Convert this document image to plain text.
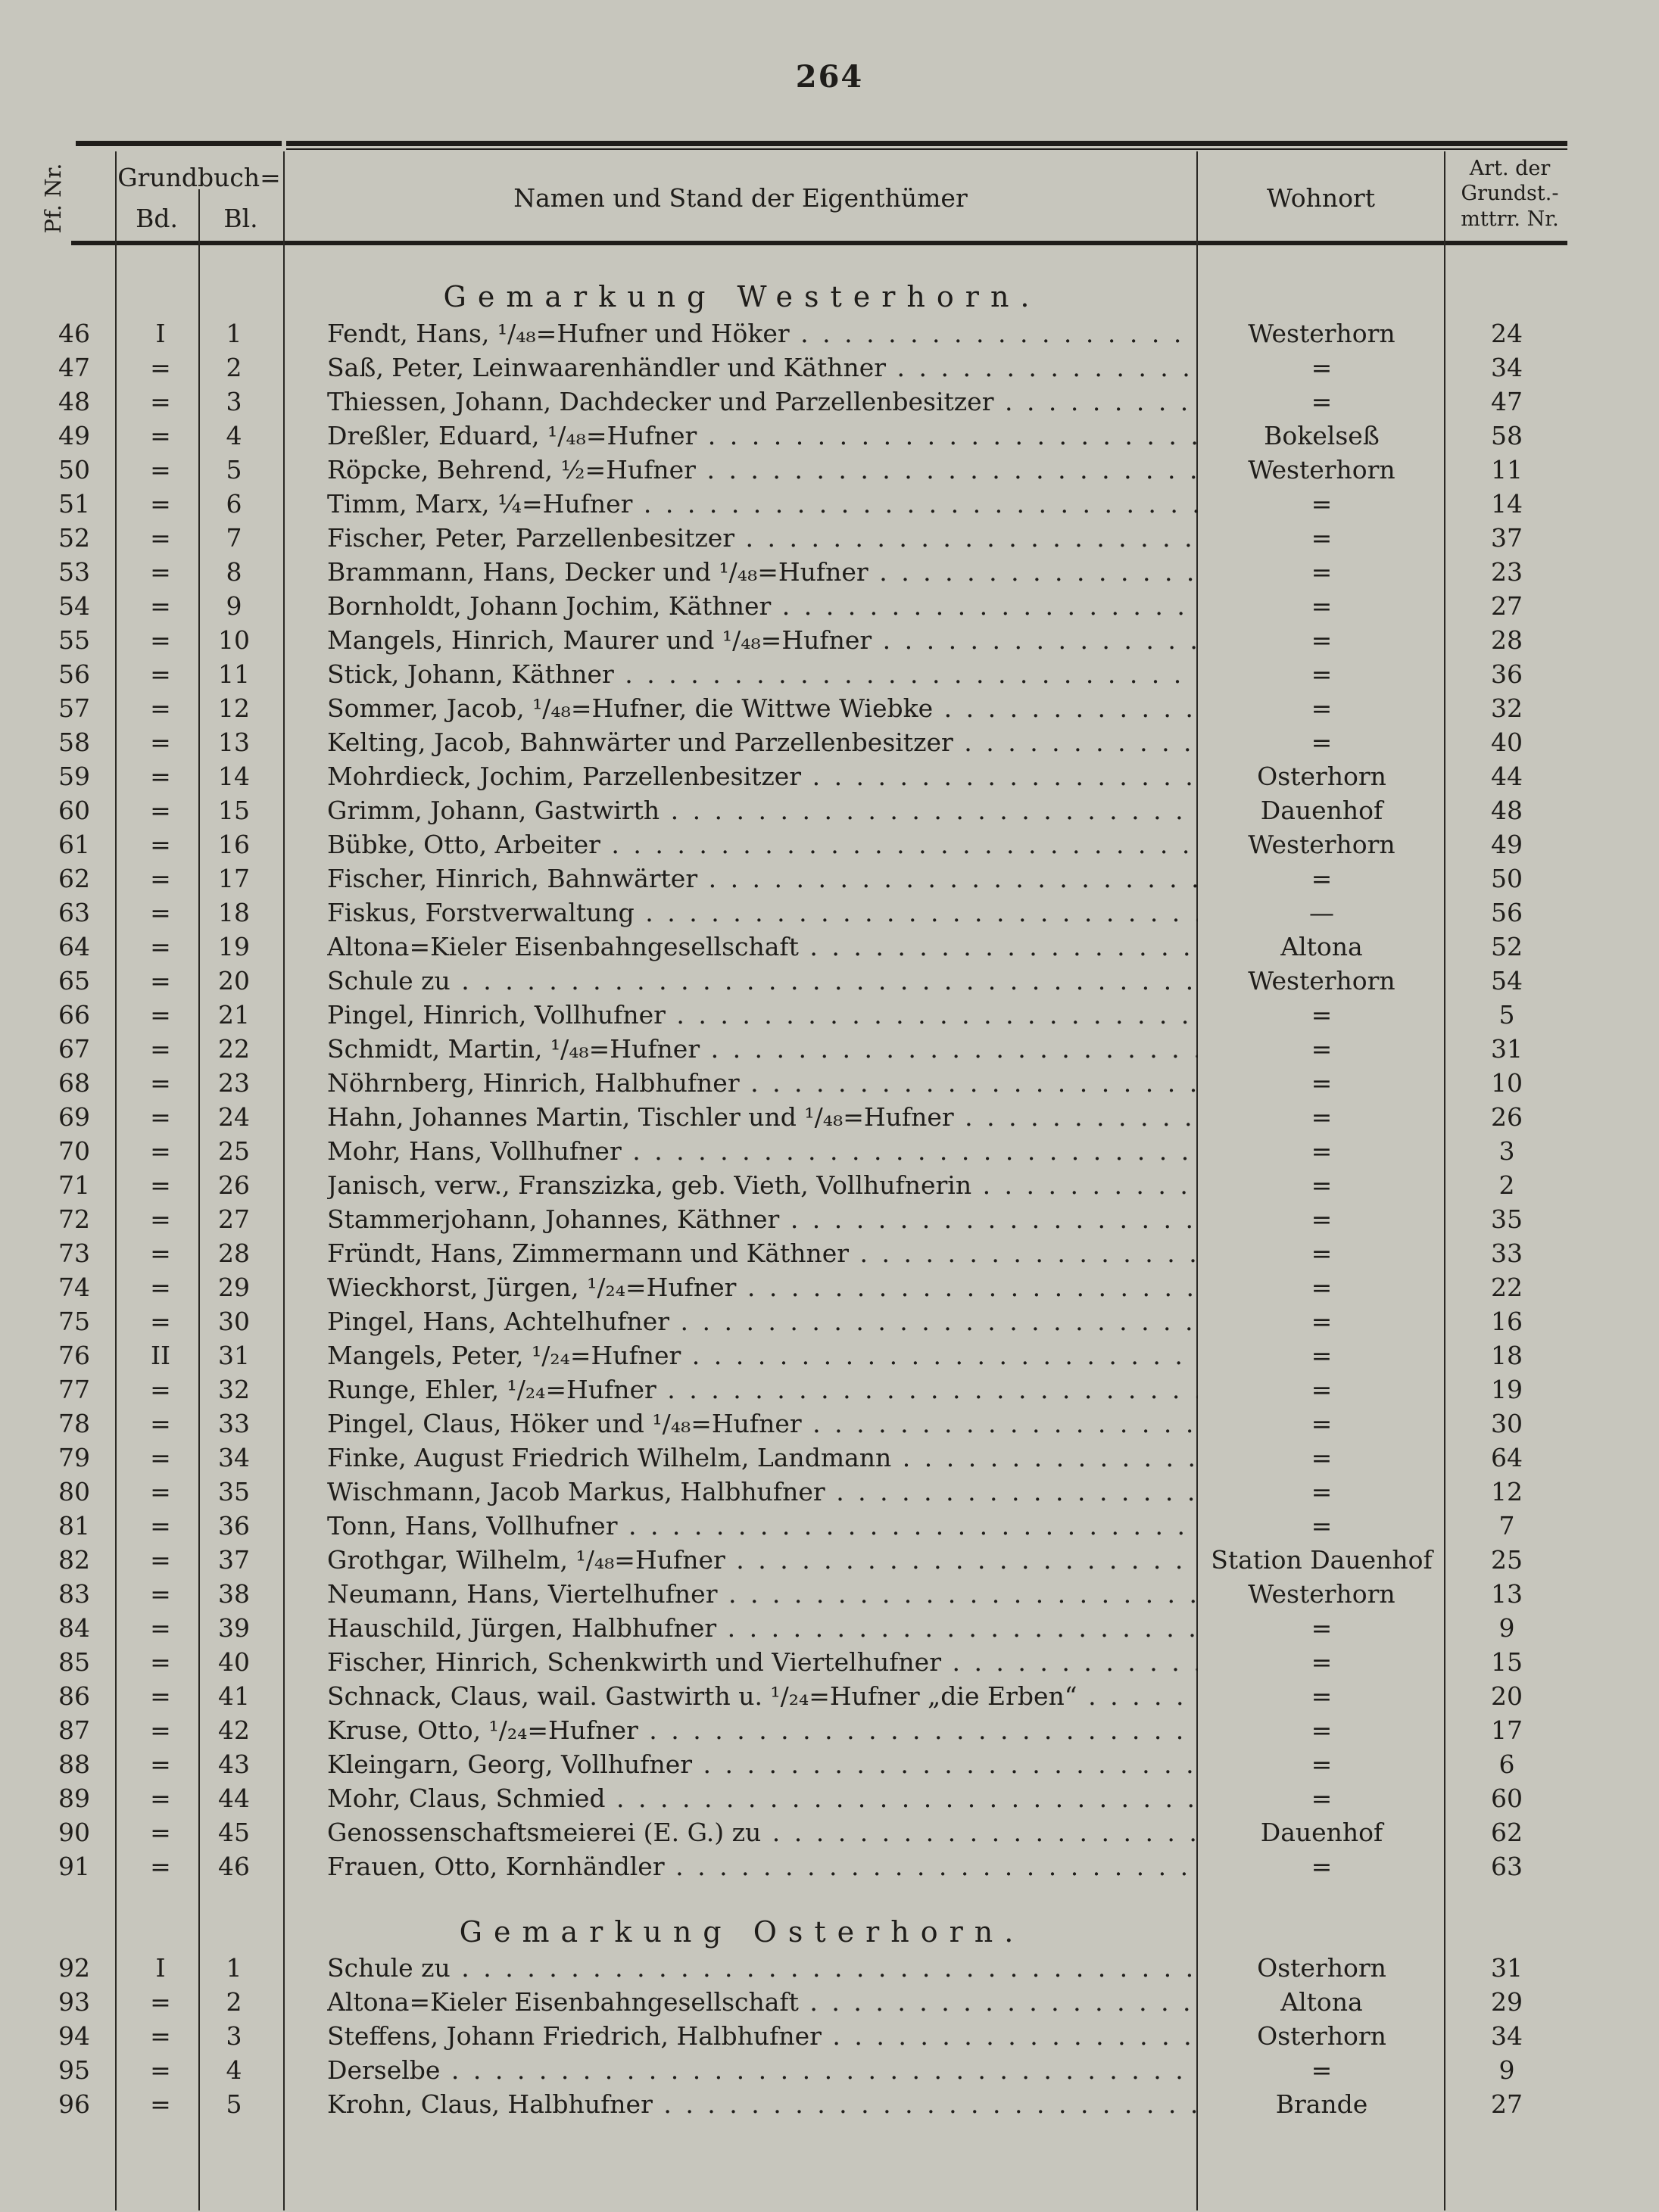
264
Pf. Nr. Grundbuch=
Bd.	Bl.
Namen und Stand der Eigenthümer	Wohnort
Art. der
Grundst.-
mttrr. Nr.
Gemarkung Westerhorn.
Gemarkung Osterhorn.
46	I	1	Fendt, Hans, ¹/₄₈=Hufner und Höker . . .	Westerhorn	24
47	=	2	Saß, Peter, Leinwaarenhändler und Käthner . . .	=	34
48	=	3	Thiessen, Johann, Dachdecker und Parzellenbesitzer . . .	=	47
49	=	4	Dreßler, Eduard, ¹/₄₈=Hufner . . .	Bokelseß	58
50	=	5	Röpcke, Behrend, ½=Hufner . . .	Westerhorn	11
51	=	6	Timm, Marx, ¼=Hufner . . .	=	14
52	=	7	Fischer, Peter, Parzellenbesitzer . . .	=	37
53	=	8	Brammann, Hans, Decker und ¹/₄₈=Hufner . . .	=	23
54	=	9	Bornholdt, Johann Jochim, Käthner . . .	=	27
55	=	10	Mangels, Hinrich, Maurer und ¹/₄₈=Hufner . . .	=	28
56	=	11	Stick, Johann, Käthner . . .	=	36
57	=	12	Sommer, Jacob, ¹/₄₈=Hufner, die Wittwe Wiebke . . .	=	32
58	=	13	Kelting, Jacob, Bahnwärter und Parzellenbesitzer . . .	=	40
59	=	14	Mohrdieck, Jochim, Parzellenbesitzer . . .	Osterhorn	44
60	=	15	Grimm, Johann, Gastwirth . . .	Dauenhof	48
61	=	16	Bübke, Otto, Arbeiter . . .	Westerhorn	49
62	=	17	Fischer, Hinrich, Bahnwärter . . .	=	50
63	=	18	Fiskus, Forstverwaltung . . .	—	56
64	=	19	Altona=Kieler Eisenbahngesellschaft . . .	Altona	52
65	=	20	Schule zu . . .	Westerhorn	54
66	=	21	Pingel, Hinrich, Vollhufner . . .	=	5
67	=	22	Schmidt, Martin, ¹/₄₈=Hufner . . .	=	31
68	=	23	Nöhrnberg, Hinrich, Halbhufner . . .	=	10
69	=	24	Hahn, Johannes Martin, Tischler und ¹/₄₈=Hufner . . .	=	26
70	=	25	Mohr, Hans, Vollhufner . . .	=	3
71	=	26	Janisch, verw., Franszizka, geb. Vieth, Vollhufnerin . . .	=	2
72	=	27	Stammerjohann, Johannes, Käthner . . .	=	35
73	=	28	Fründt, Hans, Zimmermann und Käthner . . .	=	33
74	=	29	Wieckhorst, Jürgen, ¹/₂₄=Hufner . . .	=	22
75	=	30	Pingel, Hans, Achtelhufner . . .	=	16
76	II	31	Mangels, Peter, ¹/₂₄=Hufner . . .	=	18
77	=	32	Runge, Ehler, ¹/₂₄=Hufner . . .	=	19
78	=	33	Pingel, Claus, Höker und ¹/₄₈=Hufner . . .	=	30
79	=	34	Finke, August Friedrich Wilhelm, Landmann . . .	=	64
80	=	35	Wischmann, Jacob Markus, Halbhufner . . .	=	12
81	=	36	Tonn, Hans, Vollhufner . . .	=	7
82	=	37	Grothgar, Wilhelm, ¹/₄₈=Hufner . . .	Station Dauenhof	25
83	=	38	Neumann, Hans, Viertelhufner . . .	Westerhorn	13
84	=	39	Hauschild, Jürgen, Halbhufner . . .	=	9
85	=	40	Fischer, Hinrich, Schenkwirth und Viertelhufner . . .	=	15
86	=	41	Schnack, Claus, wail. Gastwirth u. ¹/₂₄=Hufner „die Erben“ . . .	=	20
87	=	42	Kruse, Otto, ¹/₂₄=Hufner . . .	=	17
88	=	43	Kleingarn, Georg, Vollhufner . . .	=	6
89	=	44	Mohr, Claus, Schmied . . .	=	60
90	=	45	Genossenschaftsmeierei (E. G.) zu . . .	Dauenhof	62
91	=	46	Frauen, Otto, Kornhändler . . .	=	63
92	I	1	Schule zu . . .	Osterhorn	31
93	=	2	Altona=Kieler Eisenbahngesellschaft . . .	Altona	29
94	=	3	Steffens, Johann Friedrich, Halbhufner . . .	Osterhorn	34
95	=	4	Derselbe . . .	=	9
96	=	5	Krohn, Claus, Halbhufner . . .	Brande	27
